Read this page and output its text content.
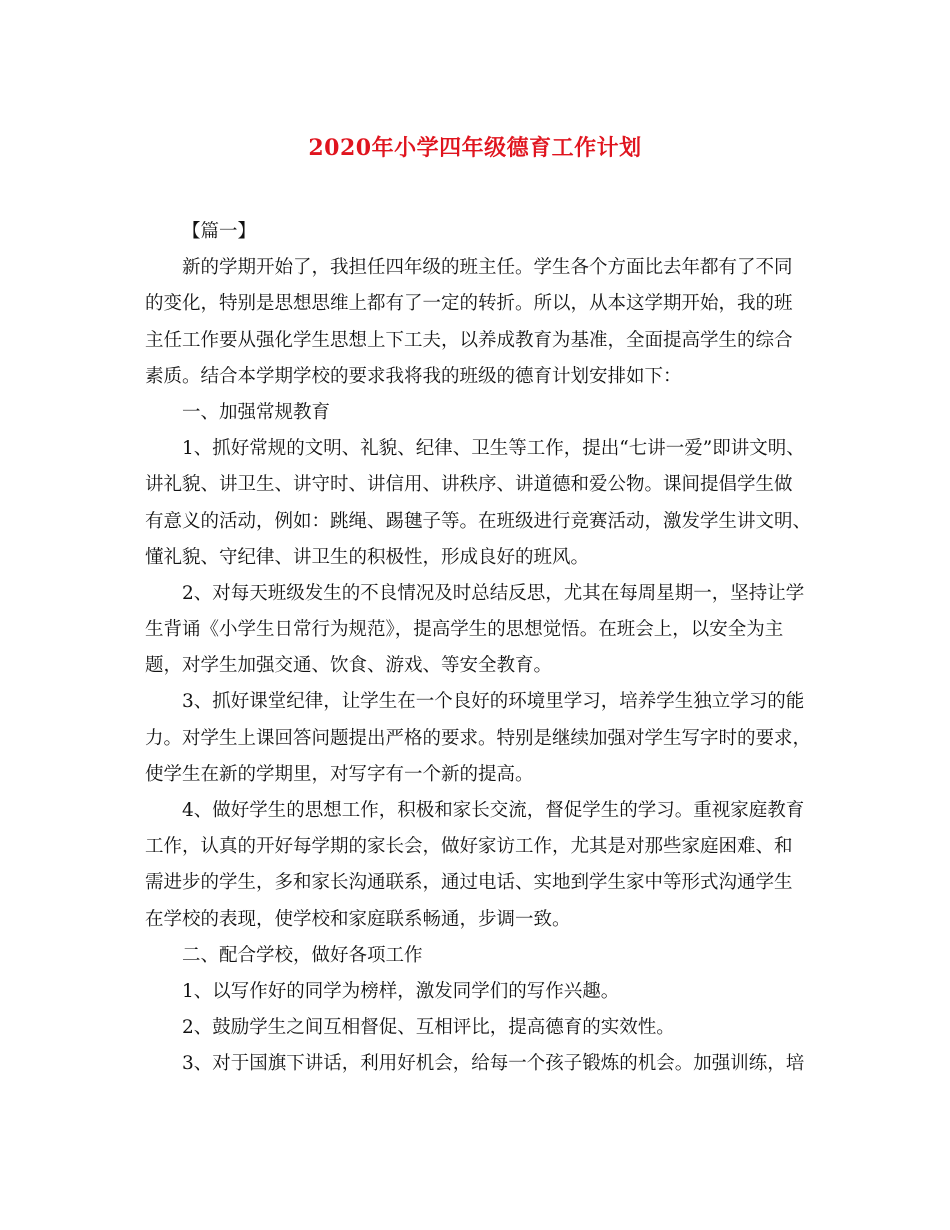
2020年小学四年级德育工作计划
【篇一】
新的学期开始了，我担任四年级的班主任。学生各个方面比去年都有了不同
的变化，特别是思想思维上都有了一定的转折。所以，从本这学期开始，我的班
主任工作要从强化学生思想上下工夫，以养成教育为基准，全面提高学生的综合
素质。结合本学期学校的要求我将我的班级的德育计划安排如下：
一、加强常规教育
1、抓好常规的文明、礼貌、纪律、卫生等工作，提出“七讲一爱”即讲文明、
讲礼貌、讲卫生、讲守时、讲信用、讲秩序、讲道德和爱公物。课间提倡学生做
有意义的活动，例如：跳绳、踢毽子等。在班级进行竞赛活动，激发学生讲文明、
懂礼貌、守纪律、讲卫生的积极性，形成良好的班风。
2、对每天班级发生的不良情况及时总结反思，尤其在每周星期一，坚持让学
生背诵《小学生日常行为规范》，提高学生的思想觉悟。在班会上，以安全为主
题，对学生加强交通、饮食、游戏、等安全教育。
3、抓好课堂纪律，让学生在一个良好的环境里学习，培养学生独立学习的能
力。对学生上课回答问题提出严格的要求。特别是继续加强对学生写字时的要求，
使学生在新的学期里，对写字有一个新的提高。
4、做好学生的思想工作，积极和家长交流，督促学生的学习。重视家庭教育
工作，认真的开好每学期的家长会，做好家访工作，尤其是对那些家庭困难、和
需进步的学生，多和家长沟通联系，通过电话、实地到学生家中等形式沟通学生
在学校的表现，使学校和家庭联系畅通，步调一致。
二、配合学校，做好各项工作
1、以写作好的同学为榜样，激发同学们的写作兴趣。
2、鼓励学生之间互相督促、互相评比，提高德育的实效性。
3、对于国旗下讲话，利用好机会，给每一个孩子锻炼的机会。加强训练，培
